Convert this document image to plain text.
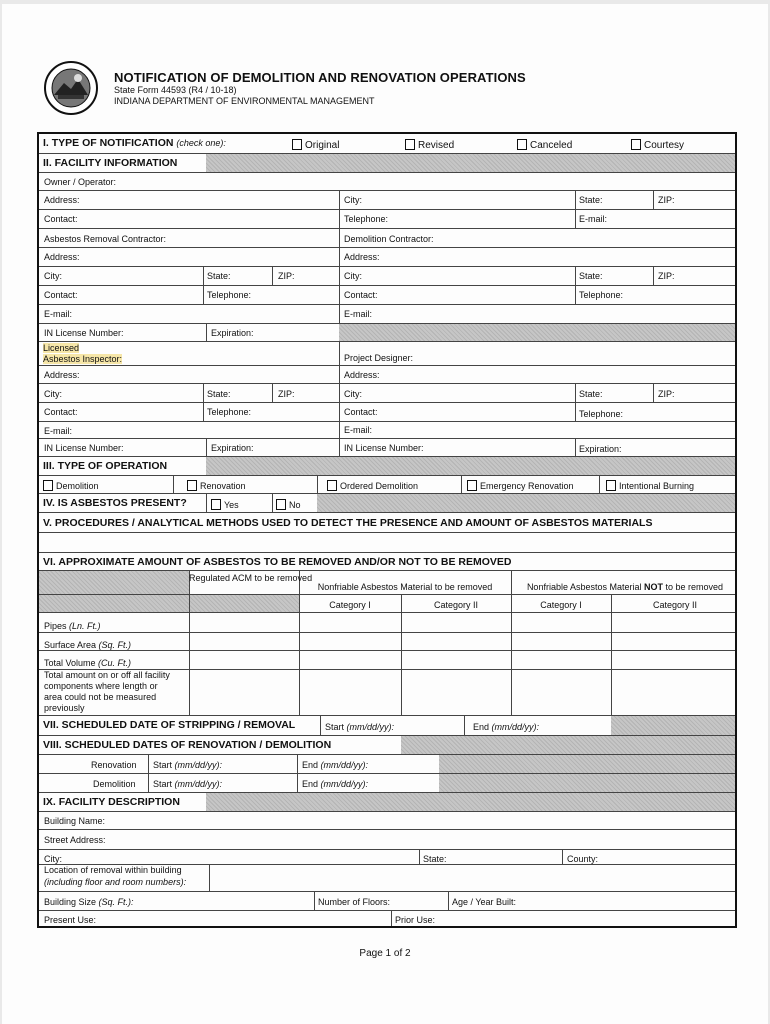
NOTIFICATION OF DEMOLITION AND RENOVATION OPERATIONS
State Form 44593 (R4 / 10-18)
INDIANA DEPARTMENT OF ENVIRONMENTAL MANAGEMENT
I. TYPE OF NOTIFICATION (check one):	Original	Revised	Canceled	Courtesy
II. FACILITY INFORMATION
Owner / Operator:
Address:	City:	State:	ZIP:
Contact:	Telephone:	E-mail:
Asbestos Removal Contractor:	Demolition Contractor:
Address:	Address:
City:	State:	ZIP:	City:	State:	ZIP:
Contact:	Telephone:	Contact:	Telephone:
E-mail:	E-mail:
IN License Number:	Expiration:
Licensed
Asbestos Inspector:	Project Designer:
Address:	Address:
City:	State:	ZIP:	City:	State:	ZIP:
Contact:	Telephone:	Contact:	Telephone:
E-mail:	E-mail:
IN License Number:	Expiration:	IN License Number:	Expiration:
III. TYPE OF OPERATION
Demolition	Renovation	Ordered Demolition	Emergency Renovation	Intentional Burning
IV. IS ASBESTOS PRESENT?	Yes	No
V. PROCEDURES / ANALYTICAL METHODS USED TO DETECT THE PRESENCE AND AMOUNT OF ASBESTOS MATERIALS
VI. APPROXIMATE AMOUNT OF ASBESTOS TO BE REMOVED AND/OR NOT TO BE REMOVED
Regulated ACM to be removed
Nonfriable Asbestos Material to be removed	Nonfriable Asbestos Material NOT to be removed
Category I	Category II	Category I	Category II
Pipes (Ln. Ft.)
Surface Area (Sq. Ft.)
Total Volume (Cu. Ft.)
Total amount on or off all facility
components where length or
area could not be measured
previously
VII. SCHEDULED DATE OF STRIPPING / REMOVAL	Start (mm/dd/yy):	End (mm/dd/yy):
VIII. SCHEDULED DATES OF RENOVATION / DEMOLITION
Renovation Start (mm/dd/yy):	End (mm/dd/yy):
Demolition Start (mm/dd/yy):	End (mm/dd/yy):
IX. FACILITY DESCRIPTION
Building Name:
Street Address:
City:	State:	County:
Location of removal within building
(including floor and room numbers):
Building Size (Sq. Ft.):	Number of Floors:	Age / Year Built:
Present Use:	Prior Use:
Page 1 of 2
